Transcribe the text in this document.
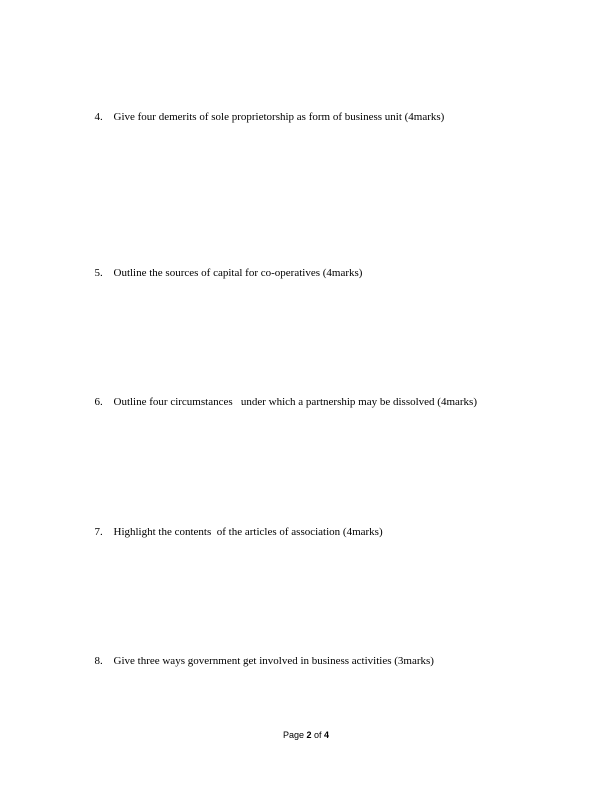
4. Give four demerits of sole proprietorship as form of business unit (4marks)

5. Outline the sources of capital for co-operatives (4marks)

6. Outline four circumstances   under which a partnership may be dissolved (4marks)

7. Highlight the contents  of the articles of association (4marks)

8. Give three ways government get involved in business activities (3marks)

Page 2 of 4
